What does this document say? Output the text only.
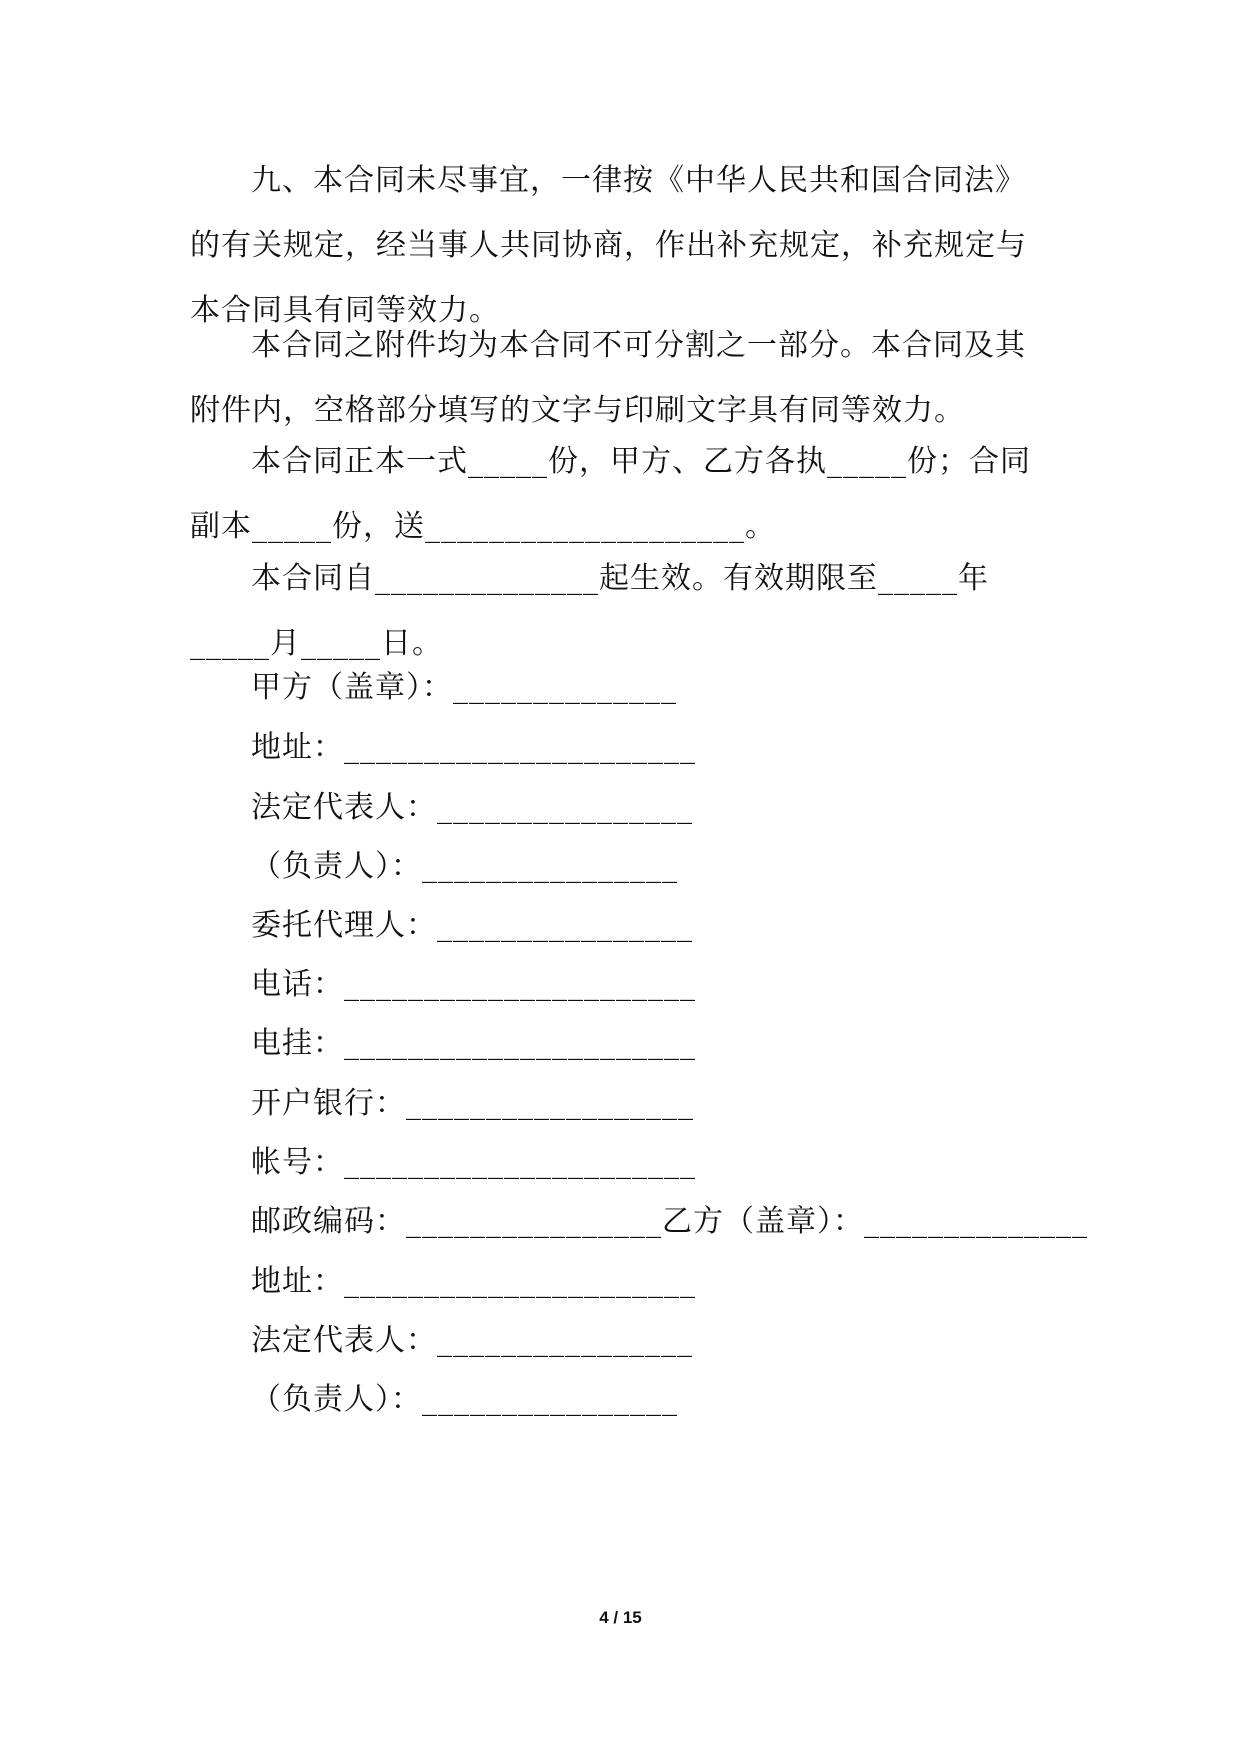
九、本合同未尽事宜，一律按《中华人民共和国合同法》的有关规定，经当事人共同协商，作出补充规定，补充规定与本合同具有同等效力。

本合同之附件均为本合同不可分割之一部分。本合同及其附件内，空格部分填写的文字与印刷文字具有同等效力。

本合同正本一式_____份，甲方、乙方各执_____份；合同副本_____份，送____________________。

本合同自______________起生效。有效期限至_____年_____月_____日。

甲方（盖章）：______________
地址：______________________
法定代表人：________________
（负责人）：________________
委托代理人：________________
电话：______________________
电挂：______________________
开户银行：__________________
帐号：______________________
邮政编码：________________乙方（盖章）：______________
地址：______________________
法定代表人：________________
（负责人）：________________
4 / 15
